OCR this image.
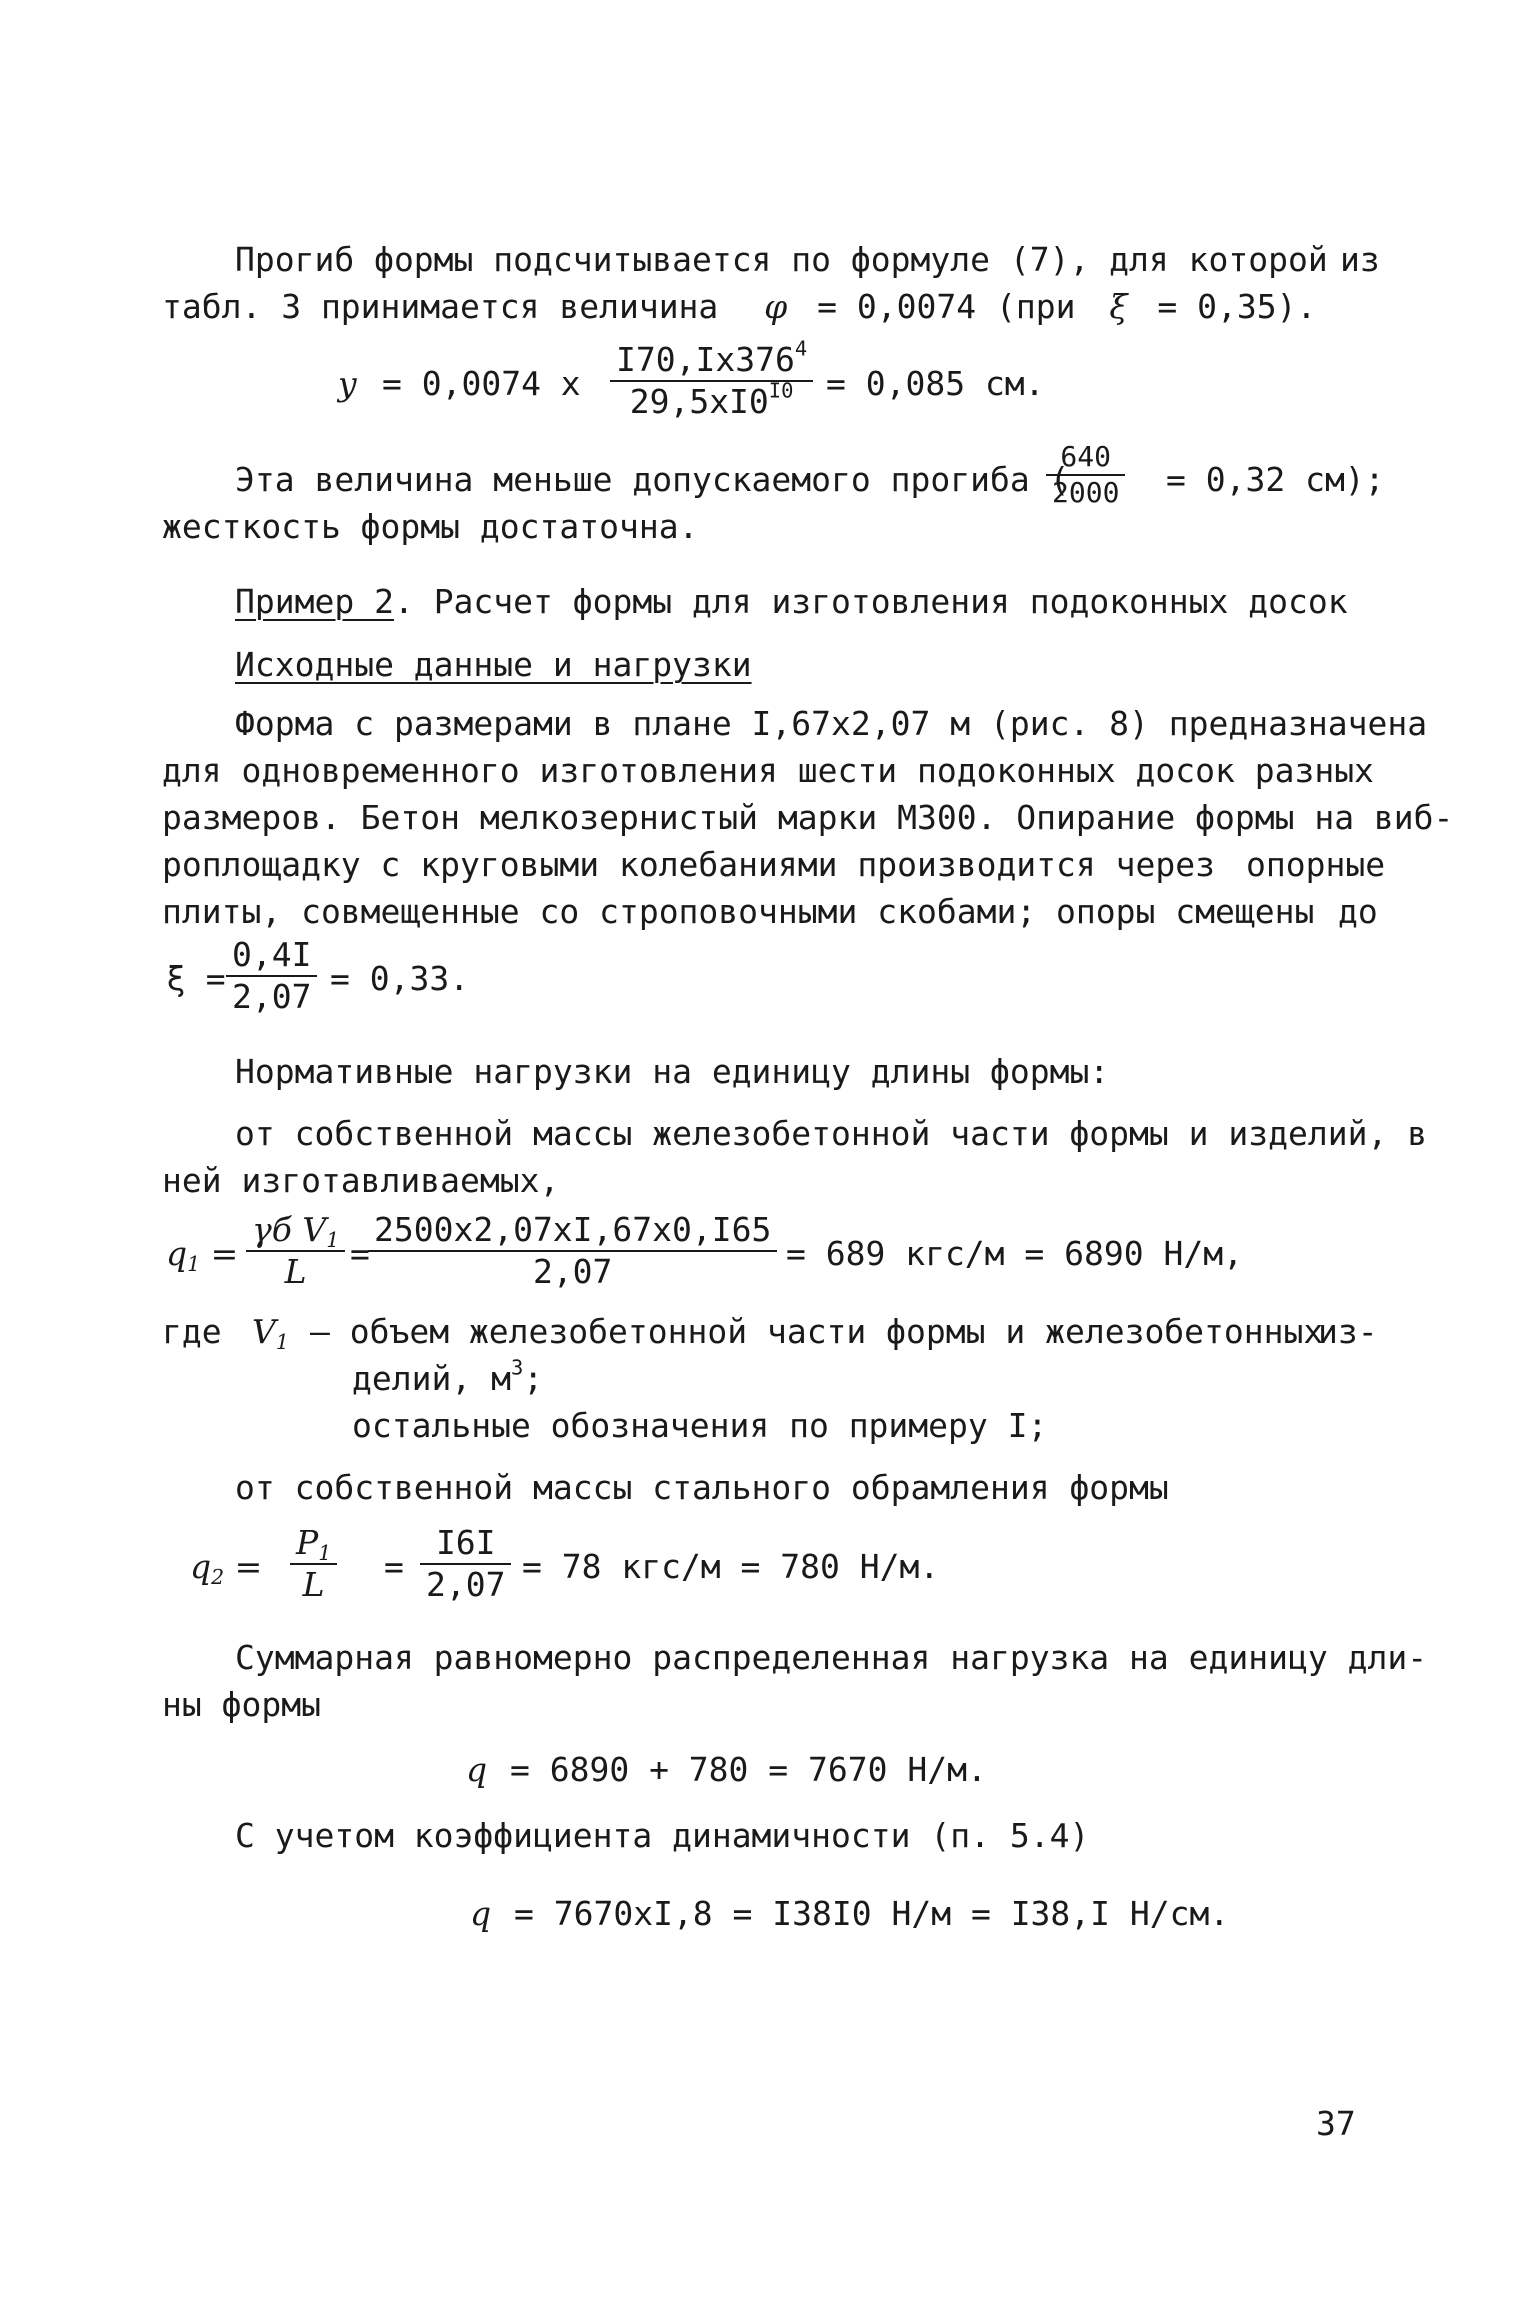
Прогиб формы подсчитывается по формуле (7), для которой из
табл. 3 принимается величина φ = 0,0074 (при ξ = 0,35).
y = 0,0074 x $\frac{I70,Ix376^4}{29,5xI0^{I0}} = 0,085$ см.
Эта величина меньше допускаемого прогиба (
$\frac{640}{2000} = 0,32$ см);
жесткость формы достаточна.
Пример 2. Расчет формы для изготовления подоконных досок
Исходные данные и нагрузки
Форма с размерами в плане I,67x2,07 м (рис. 8) предназначена
для одновременного изготовления шести подоконных досок разных
размеров. Бетон мелкозернистый марки М300. Опирание формы на виб-
роплощадку с круговыми колебаниями производится через опорные
плиты, совмещенные со строповочными скобами; опоры смещены до
$\xi = \frac{0,4I}{2,07} = 0,33$.
Нормативные нагрузки на единицу длины формы:
от собственной массы железобетонной части формы и изделий, в
ней изготавливаемых,
$q_1$ =
γб $V_1$
L	=
$\frac{2500x2,07xI,67x0,I65}{2,07} = 689$ кгс/м = 6890 Н/м,
где $V_1$ – объем железобетонной части формы и железобетонных
из-
делий, $м^3$;
остальные обозначения по примеру I;
от собственной массы стального обрамления формы
$q_2 = \frac{P_1}{L} = \frac{I6I}{2,07} = 78$ кгс/м = 780 Н/м.
Суммарная равномерно распределенная нагрузка на единицу дли-
ны формы
q = 6890 + 780 = 7670 Н/м.
С учетом коэффициента динамичности (п. 5.4)
q = 7670xI,8 = I38I0 Н/м = I38,I Н/см.
37
